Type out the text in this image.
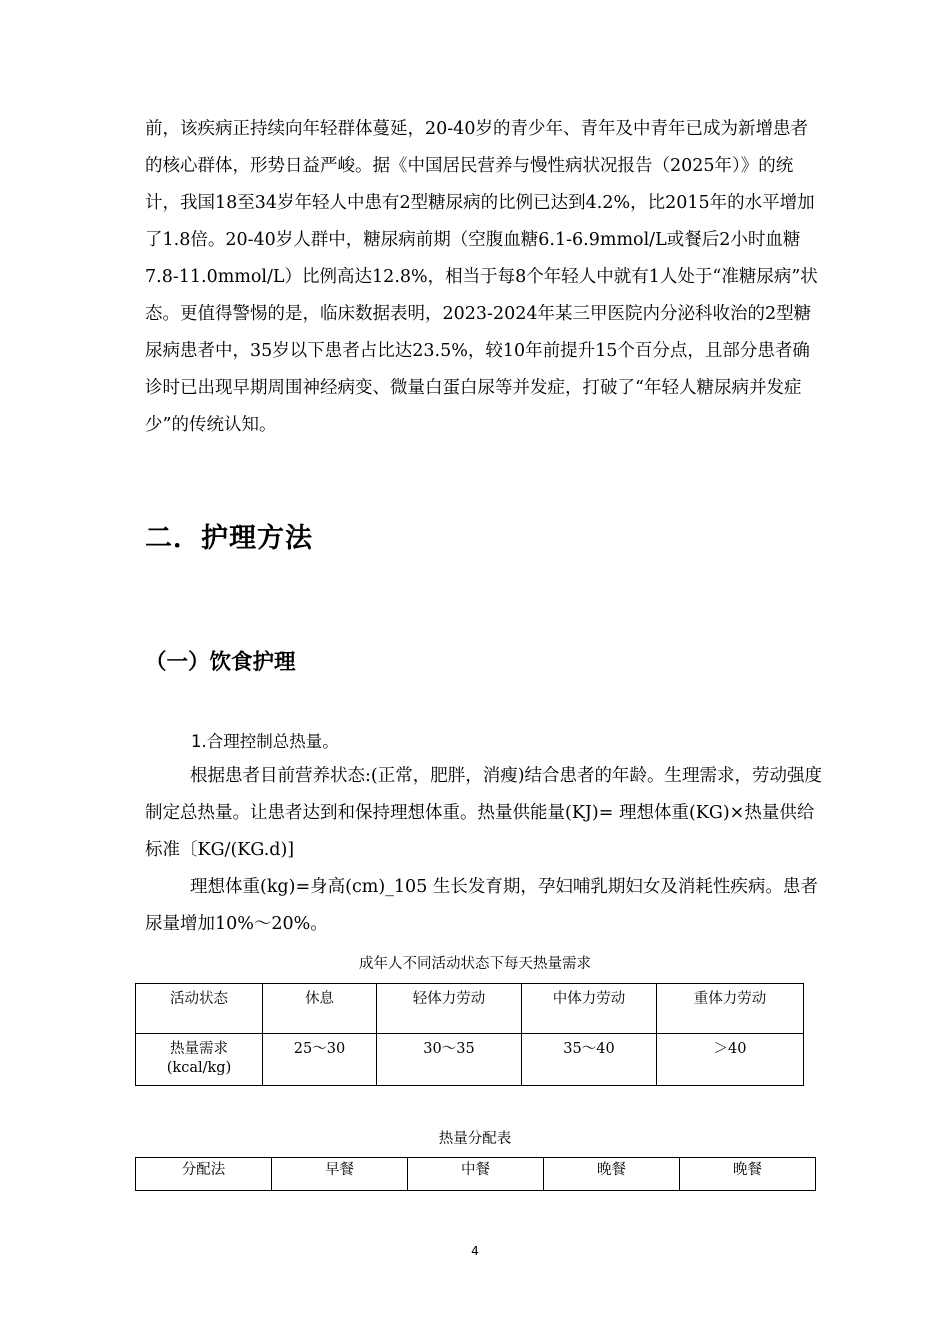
前，该疾病正持续向年轻群体蔓延，20-40岁的青少年、青年及中青年已成为新增患者的核心群体，形势日益严峻。据《中国居民营养与慢性病状况报告（2025年）》的统计，我国18至34岁年轻人中患有2型糖尿病的比例已达到4.2%，比2015年的水平增加了1.8倍。20-40岁人群中，糖尿病前期（空腹血糖6.1-6.9mmol/L或餐后2小时血糖7.8-11.0mmol/L）比例高达12.8%，相当于每8个年轻人中就有1人处于“准糖尿病”状态。更值得警惕的是，临床数据表明，2023-2024年某三甲医院内分泌科收治的2型糖尿病患者中，35岁以下患者占比达23.5%，较10年前提升15个百分点，且部分患者确诊时已出现早期周围神经病变、微量白蛋白尿等并发症，打破了“年轻人糖尿病并发症少”的传统认知。

二．护理方法
（一）饮食护理

1.合理控制总热量。

根据患者目前营养状态:(正常，肥胖，消瘦)结合患者的年龄。生理需求，劳动强度制定总热量。让患者达到和保持理想体重。热量供能量(KJ)= 理想体重(KG)×热量供给标准〔KG/(KG.d)]

理想体重(kg)=身高(cm)_105 生长发育期，孕妇哺乳期妇女及消耗性疾病。患者尿量增加10%～20%。

成年人不同活动状态下每天热量需求

活动状态	休息	轻体力劳动	中体力劳动	重体力劳动

热量需求
(kcal/kg)	25～30	30～35	35～40	＞40

热量分配表

分配法	早餐	中餐	晚餐	晚餐
4
